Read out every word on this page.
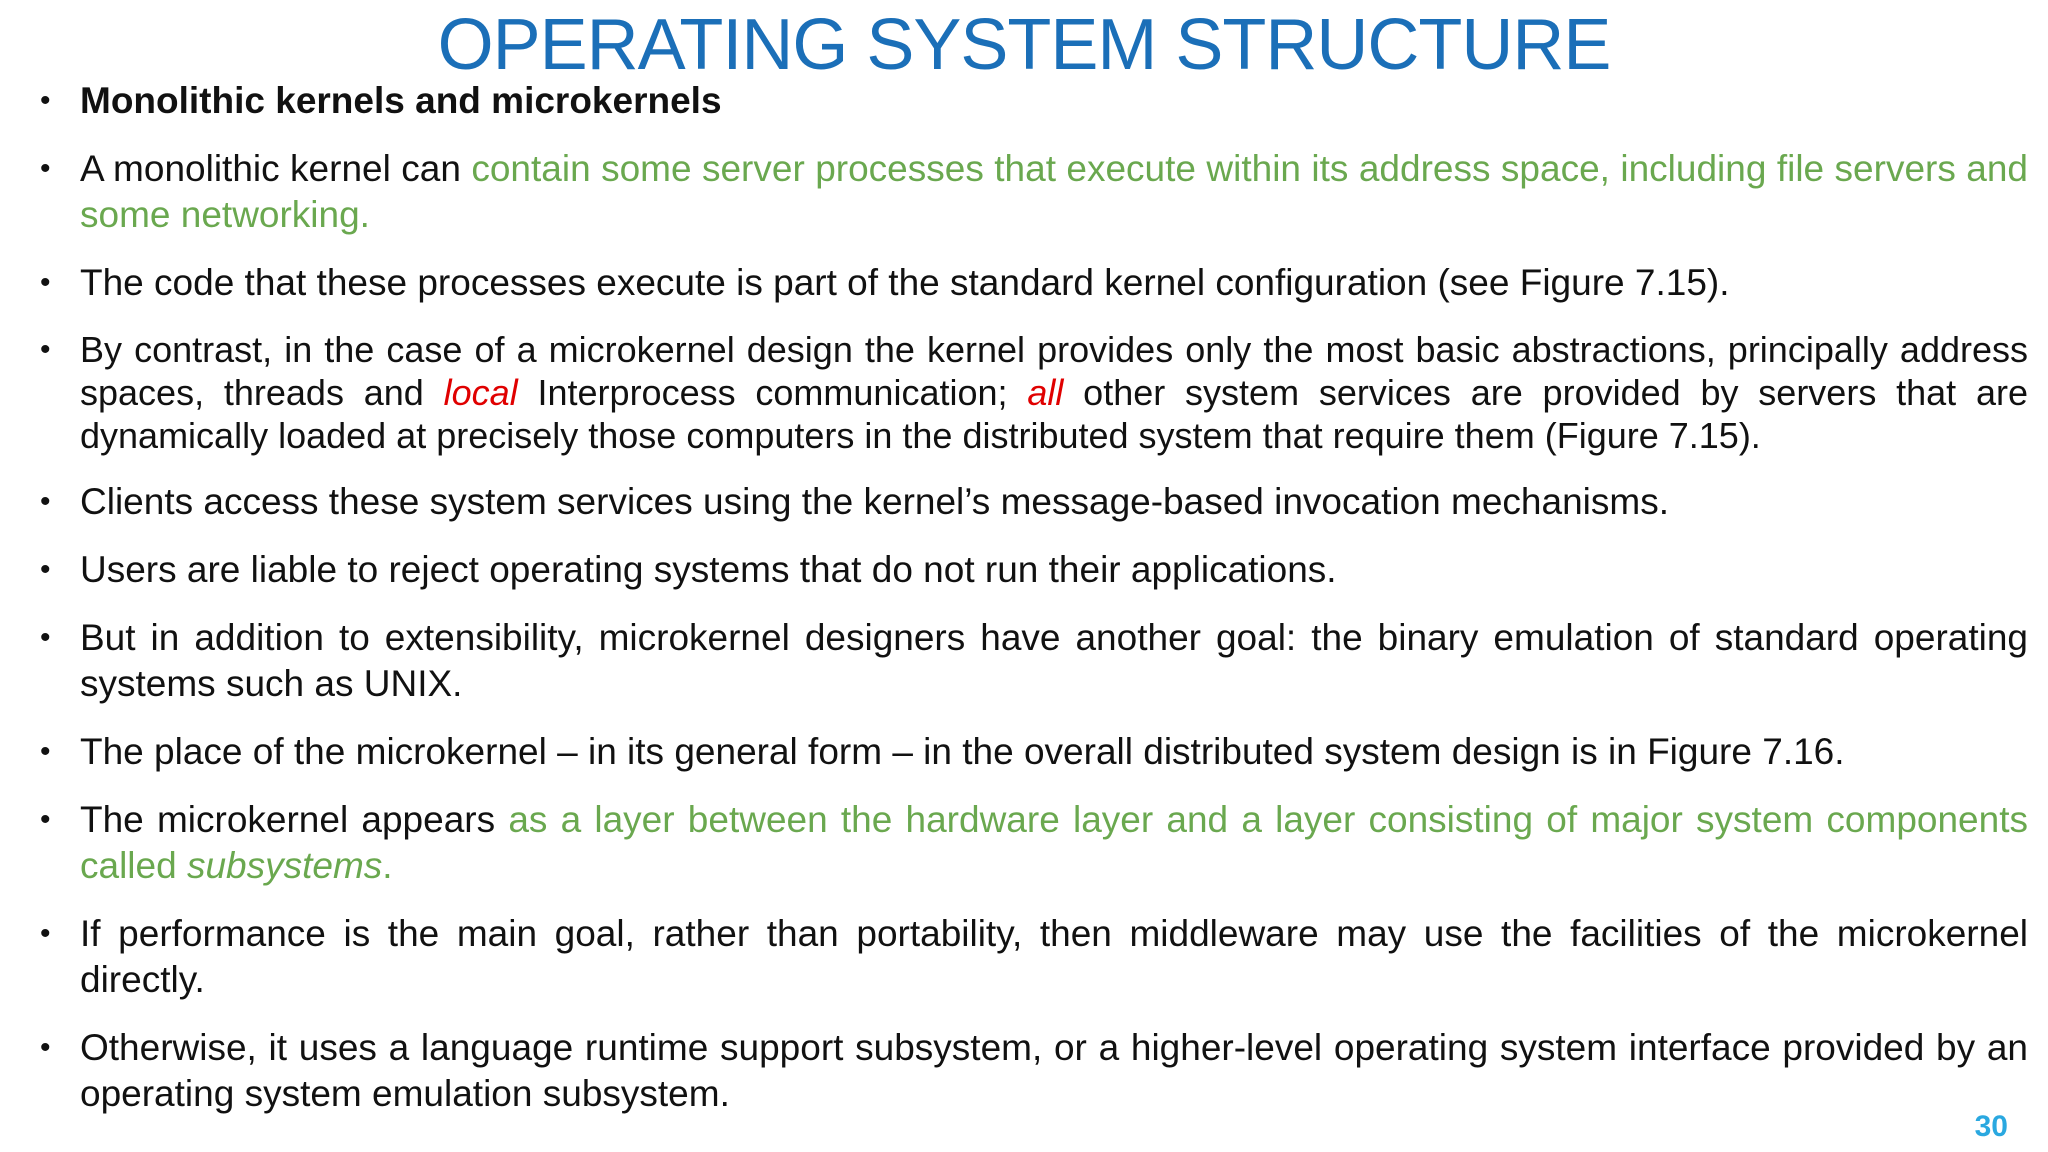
OPERATING SYSTEM STRUCTURE
• Monolithic kernels and microkernels
• A monolithic kernel can contain some server processes that execute within its address space, including file servers and some networking.
• The code that these processes execute is part of the standard kernel configuration (see Figure 7.15).
• By contrast, in the case of a microkernel design the kernel provides only the most basic abstractions, principally address spaces, threads and local Interprocess communication; all other system services are provided by servers that are dynamically loaded at precisely those computers in the distributed system that require them (Figure 7.15).
• Clients access these system services using the kernel’s message-based invocation mechanisms.
• Users are liable to reject operating systems that do not run their applications.
• But in addition to extensibility, microkernel designers have another goal: the binary emulation of standard operating systems such as UNIX.
• The place of the microkernel – in its general form – in the overall distributed system design is in Figure 7.16.
• The microkernel appears as a layer between the hardware layer and a layer consisting of major system components called subsystems.
• If performance is the main goal, rather than portability, then middleware may use the facilities of the microkernel directly.
• Otherwise, it uses a language runtime support subsystem, or a higher-level operating system interface provided by an operating system emulation subsystem.
30
